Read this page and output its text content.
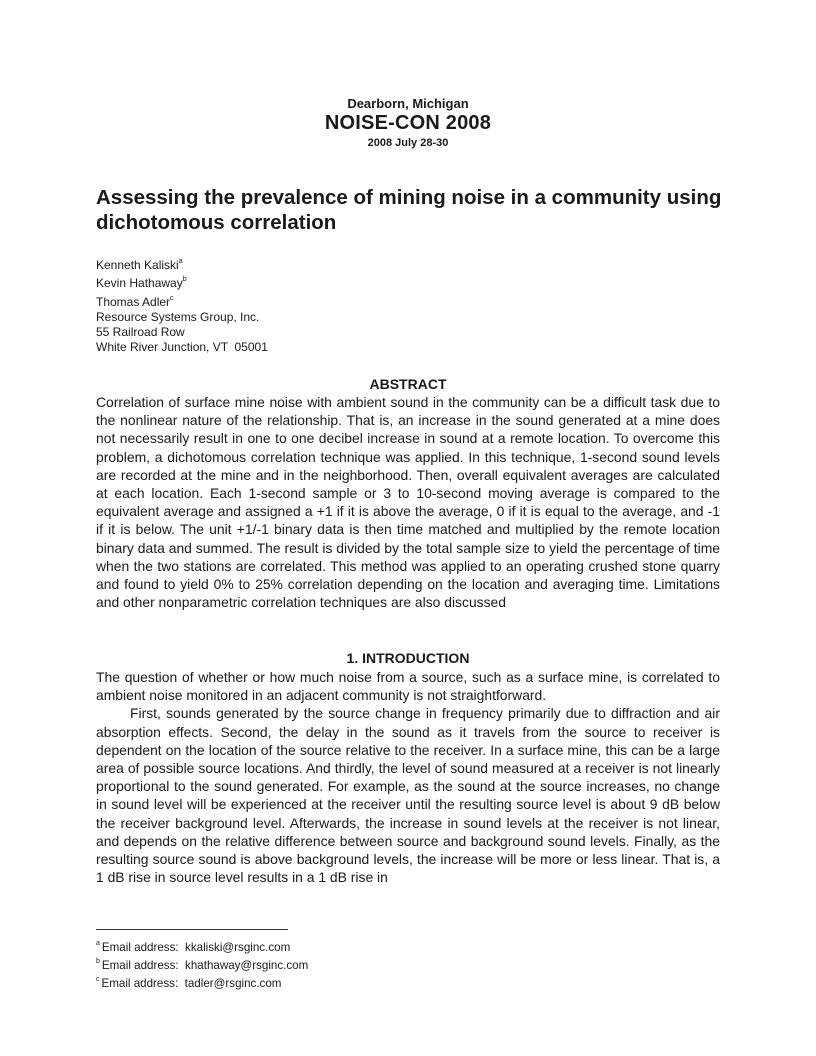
Dearborn, Michigan
NOISE-CON 2008
2008 July 28-30
Assessing the prevalence of mining noise in a community using dichotomous correlation
Kenneth Kaliski$^a$
Kevin Hathaway$^b$
Thomas Adler$^c$
Resource Systems Group, Inc.
55 Railroad Row
White River Junction, VT  05001
ABSTRACT

Correlation of surface mine noise with ambient sound in the community can be a difficult task due to the nonlinear nature of the relationship. That is, an increase in the sound generated at a mine does not necessarily result in one to one decibel increase in sound at a remote location. To overcome this problem, a dichotomous correlation technique was applied. In this technique, 1-second sound levels are recorded at the mine and in the neighborhood. Then, overall equivalent averages are calculated at each location. Each 1-second sample or 3 to 10-second moving average is compared to the equivalent average and assigned a +1 if it is above the average, 0 if it is equal to the average, and -1 if it is below. The unit +1/-1 binary data is then time matched and multiplied by the remote location binary data and summed. The result is divided by the total sample size to yield the percentage of time when the two stations are correlated. This method was applied to an operating crushed stone quarry and found to yield 0% to 25% correlation depending on the location and averaging time. Limitations and other nonparametric correlation techniques are also discussed

1. INTRODUCTION

The question of whether or how much noise from a source, such as a surface mine, is correlated to ambient noise monitored in an adjacent community is not straightforward.

First, sounds generated by the source change in frequency primarily due to diffraction and air absorption effects. Second, the delay in the sound as it travels from the source to receiver is dependent on the location of the source relative to the receiver. In a surface mine, this can be a large area of possible source locations. And thirdly, the level of sound measured at a receiver is not linearly proportional to the sound generated. For example, as the sound at the source increases, no change in sound level will be experienced at the receiver until the resulting source level is about 9 dB below the receiver background level. Afterwards, the increase in sound levels at the receiver is not linear, and depends on the relative difference between source and background sound levels. Finally, as the resulting source sound is above background levels, the increase will be more or less linear. That is, a 1 dB rise in source level results in a 1 dB rise in

$^a$ Email address: kkaliski@rsginc.com
$^b$ Email address: khathaway@rsginc.com
$^c$ Email address: tadler@rsginc.com
